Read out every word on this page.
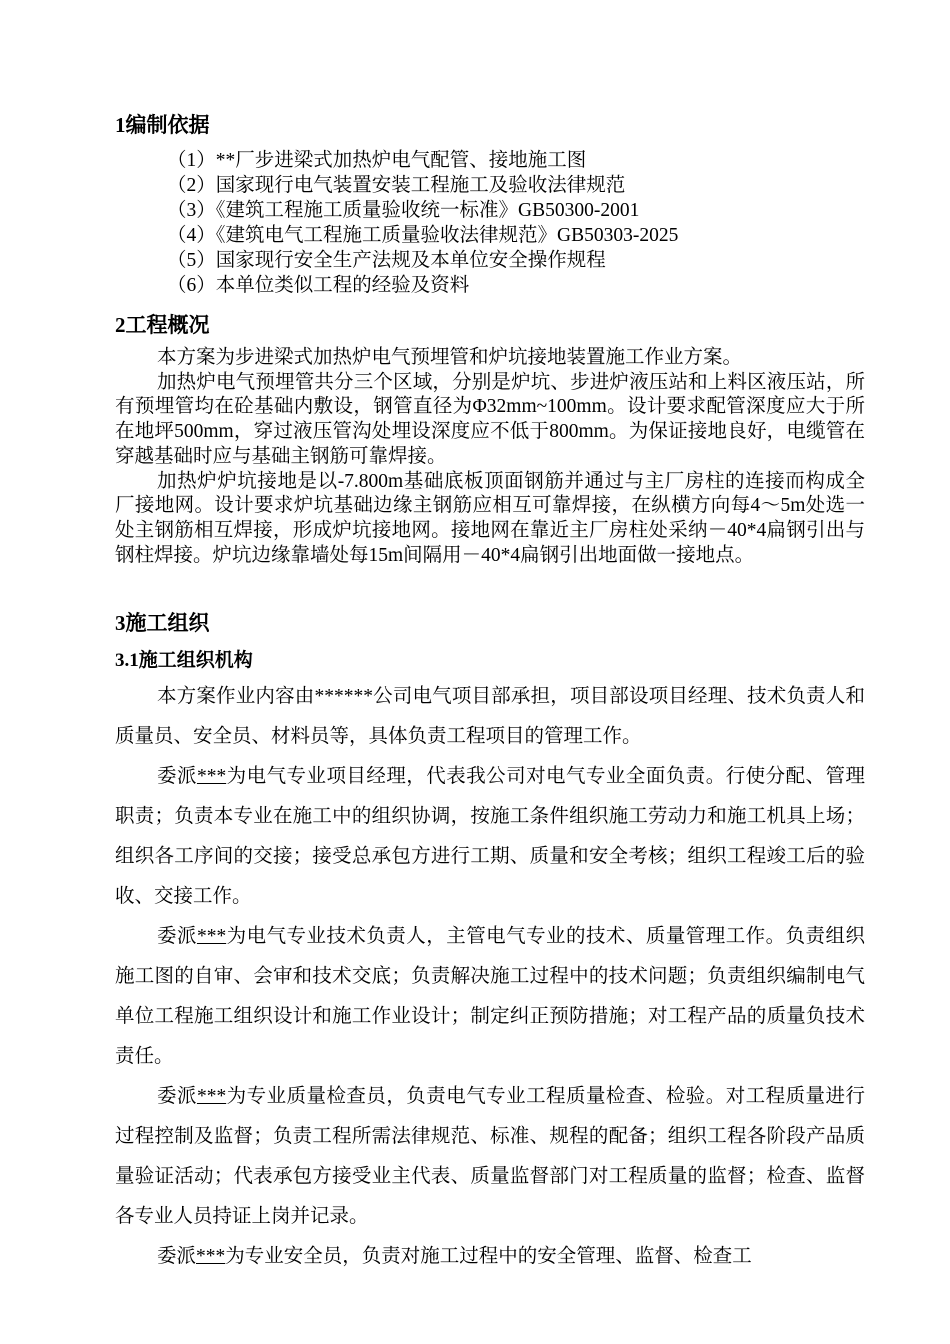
1编制依据

（1）**厂步进梁式加热炉电气配管、接地施工图

（2）国家现行电气装置安装工程施工及验收法律规范

（3）《建筑工程施工质量验收统一标准》GB50300-2001

（4）《建筑电气工程施工质量验收法律规范》GB50303-2025

（5）国家现行安全生产法规及本单位安全操作规程

（6）本单位类似工程的经验及资料

2工程概况

本方案为步进梁式加热炉电气预埋管和炉坑接地装置施工作业方案。

加热炉电气预埋管共分三个区域，分别是炉坑、步进炉液压站和上料区液压站，所有预埋管均在砼基础内敷设，钢管直径为Φ32mm~100mm。设计要求配管深度应大于所在地坪500mm，穿过液压管沟处埋设深度应不低于800mm。为保证接地良好，电缆管在穿越基础时应与基础主钢筋可靠焊接。

加热炉炉坑接地是以-7.800m基础底板顶面钢筋并通过与主厂房柱的连接而构成全厂接地网。设计要求炉坑基础边缘主钢筋应相互可靠焊接，在纵横方向每4～5m处选一处主钢筋相互焊接，形成炉坑接地网。接地网在靠近主厂房柱处采纳－40*4扁钢引出与钢柱焊接。炉坑边缘靠墙处每15m间隔用－40*4扁钢引出地面做一接地点。

3施工组织
3.1施工组织机构

本方案作业内容由******公司电气项目部承担，项目部设项目经理、技术负责人和质量员、安全员、材料员等，具体负责工程项目的管理工作。

委派***为电气专业项目经理，代表我公司对电气专业全面负责。行使分配、管理职责；负责本专业在施工中的组织协调，按施工条件组织施工劳动力和施工机具上场；组织各工序间的交接；接受总承包方进行工期、质量和安全考核；组织工程竣工后的验收、交接工作。

委派***为电气专业技术负责人，主管电气专业的技术、质量管理工作。负责组织施工图的自审、会审和技术交底；负责解决施工过程中的技术问题；负责组织编制电气单位工程施工组织设计和施工作业设计；制定纠正预防措施；对工程产品的质量负技术责任。

委派***为专业质量检查员，负责电气专业工程质量检查、检验。对工程质量进行过程控制及监督；负责工程所需法律规范、标准、规程的配备；组织工程各阶段产品质量验证活动；代表承包方接受业主代表、质量监督部门对工程质量的监督；检查、监督各专业人员持证上岗并记录。

委派***为专业安全员，负责对施工过程中的安全管理、监督、检查工
